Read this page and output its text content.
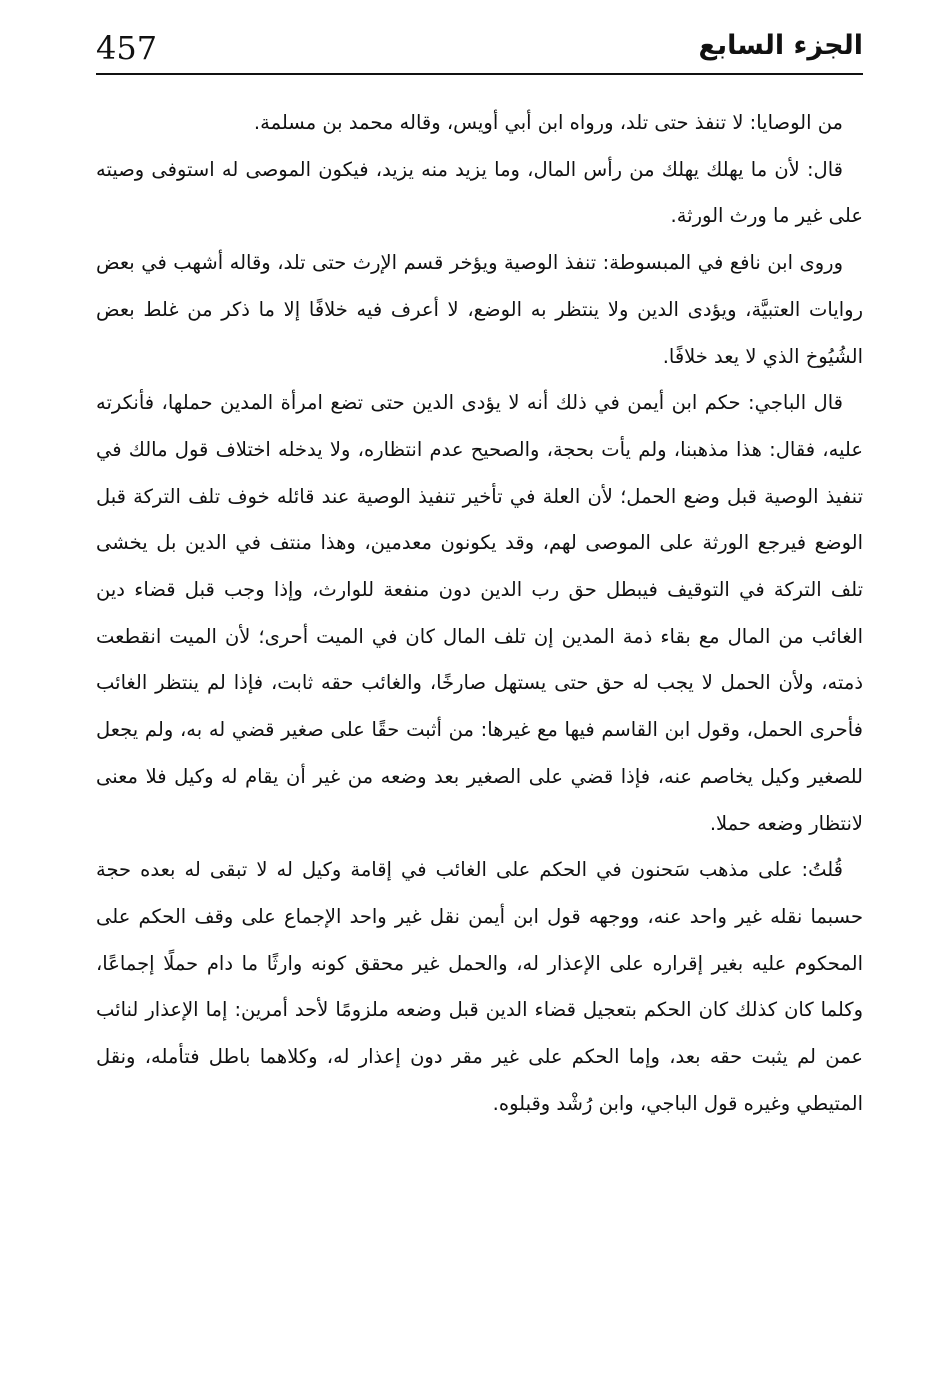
457	الجزء السابع

من الوصايا: لا تنفذ حتى تلد، ورواه ابن أبي أويس، وقاله محمد بن مسلمة.

قال: لأن ما يهلك يهلك من رأس المال، وما يزيد منه يزيد، فيكون الموصى له استوفى وصيته على غير ما ورث الورثة.

وروى ابن نافع في المبسوطة: تنفذ الوصية ويؤخر قسم الإرث حتى تلد، وقاله أشهب في بعض روايات العتبيَّة، ويؤدى الدين ولا ينتظر به الوضع، لا أعرف فيه خلافًا إلا ما ذكر من غلط بعض الشُيُوخ الذي لا يعد خلافًا.

قال الباجي: حكم ابن أيمن في ذلك أنه لا يؤدى الدين حتى تضع امرأة المدين حملها، فأنكرته عليه، فقال: هذا مذهبنا، ولم يأت بحجة، والصحيح عدم انتظاره، ولا يدخله اختلاف قول مالك في تنفيذ الوصية قبل وضع الحمل؛ لأن العلة في تأخير تنفيذ الوصية عند قائله خوف تلف التركة قبل الوضع فيرجع الورثة على الموصى لهم، وقد يكونون معدمين، وهذا منتف في الدين بل يخشى تلف التركة في التوقيف فيبطل حق رب الدين دون منفعة للوارث، وإذا وجب قبل قضاء دين الغائب من المال مع بقاء ذمة المدين إن تلف المال كان في الميت أحرى؛ لأن الميت انقطعت ذمته، ولأن الحمل لا يجب له حق حتى يستهل صارخًا، والغائب حقه ثابت، فإذا لم ينتظر الغائب فأحرى الحمل، وقول ابن القاسم فيها مع غيرها: من أثبت حقًا على صغير قضي له به، ولم يجعل للصغير وكيل يخاصم عنه، فإذا قضي على الصغير بعد وضعه من غير أن يقام له وكيل فلا معنى لانتظار وضعه حملا.

قُلتُ: على مذهب سَحنون في الحكم على الغائب في إقامة وكيل له لا تبقى له بعده حجة حسبما نقله غير واحد عنه، ووجهه قول ابن أيمن نقل غير واحد الإجماع على وقف الحكم على المحكوم عليه بغير إقراره على الإعذار له، والحمل غير محقق كونه وارثًا ما دام حملًا إجماعًا، وكلما كان كذلك كان الحكم بتعجيل قضاء الدين قبل وضعه ملزومًا لأحد أمرين: إما الإعذار لنائب عمن لم يثبت حقه بعد، وإما الحكم على غير مقر دون إعذار له، وكلاهما باطل فتأمله، ونقل المتيطي وغيره قول الباجي، وابن رُشْد وقبلوه.
